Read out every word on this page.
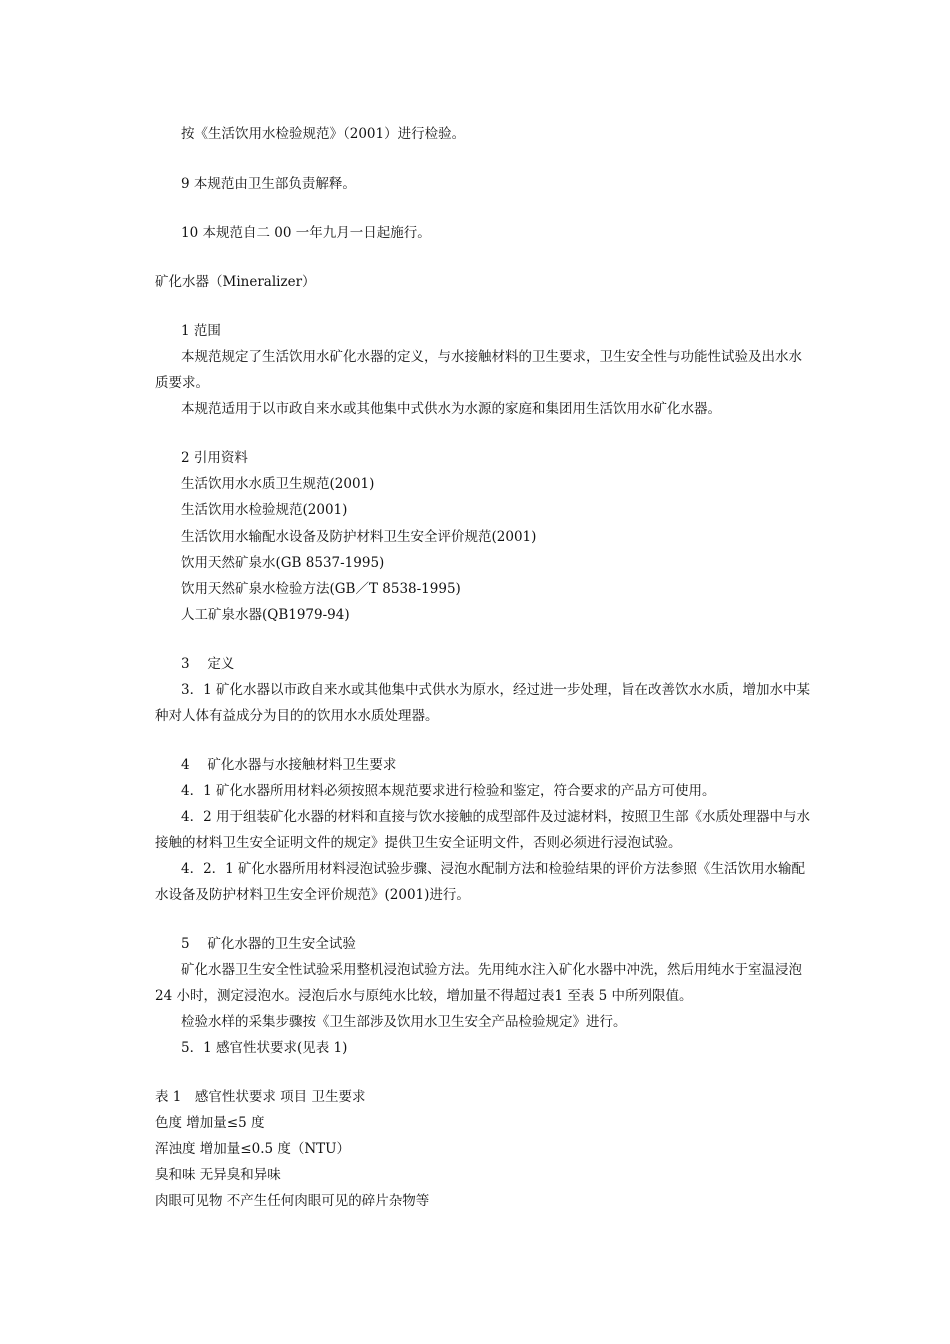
按《生活饮用水检验规范》（2001）进行检验。

9 本规范由卫生部负责解释。

10 本规范自二 00 一年九月一日起施行。

矿化水器（Mineralizer）

1 范围

本规范规定了生活饮用水矿化水器的定义，与水接触材料的卫生要求，卫生安全性与功能性试验及出水水

质要求。

本规范适用于以市政自来水或其他集中式供水为水源的家庭和集团用生活饮用水矿化水器。

2 引用资料

生活饮用水水质卫生规范(2001)

生活饮用水检验规范(2001)

生活饮用水输配水设备及防护材料卫生安全评价规范(2001)

饮用天然矿泉水(GB 8537-1995)

饮用天然矿泉水检验方法(GB／T 8538-1995)

人工矿泉水器(QB1979-94)

3　 定义

3．1 矿化水器以市政自来水或其他集中式供水为原水，经过进一步处理，旨在改善饮水水质，增加水中某

种对人体有益成分为目的的饮用水水质处理器。

4　 矿化水器与水接触材料卫生要求

4．1 矿化水器所用材料必须按照本规范要求进行检验和鉴定，符合要求的产品方可使用。

4．2 用于组装矿化水器的材料和直接与饮水接触的成型部件及过滤材料，按照卫生部《水质处理器中与水

接触的材料卫生安全证明文件的规定》提供卫生安全证明文件，否则必须进行浸泡试验。

4．2．1 矿化水器所用材料浸泡试验步骤、浸泡水配制方法和检验结果的评价方法参照《生活饮用水输配

水设备及防护材料卫生安全评价规范》(2001)进行。

5　 矿化水器的卫生安全试验

矿化水器卫生安全性试验采用整机浸泡试验方法。先用纯水注入矿化水器中冲洗，然后用纯水于室温浸泡

24 小时，测定浸泡水。浸泡后水与原纯水比较，增加量不得超过表1 至表 5 中所列限值。

检验水样的采集步骤按《卫生部涉及饮用水卫生安全产品检验规定》进行。

5．1 感官性状要求(见表 1)

表 1　感官性状要求 项目 卫生要求

色度 增加量≤5 度

浑浊度 增加量≤0.5 度（NTU）

臭和味 无异臭和异味

肉眼可见物 不产生任何肉眼可见的碎片杂物等
